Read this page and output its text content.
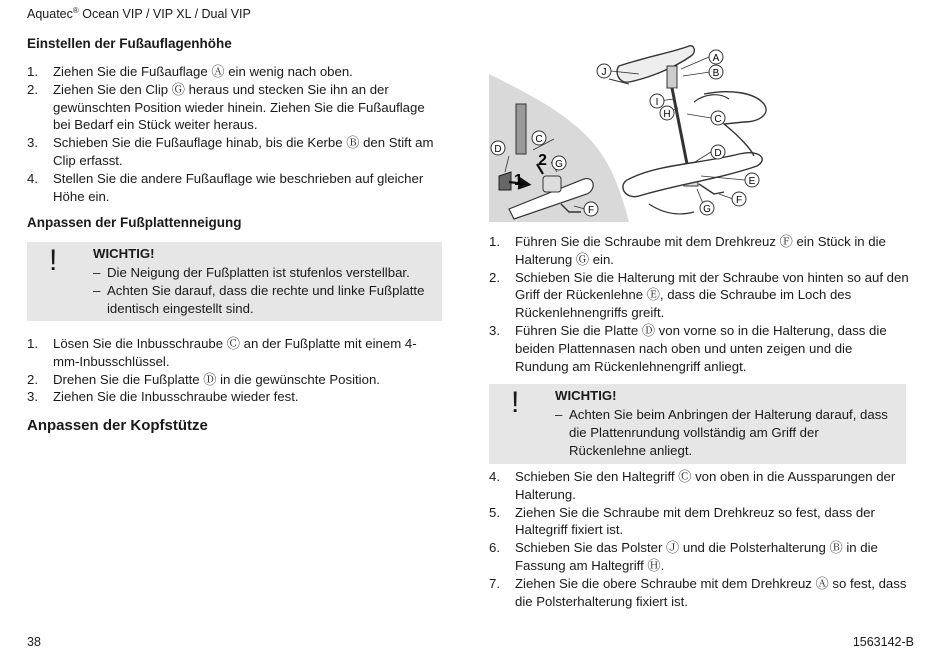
Aquatec® Ocean VIP / VIP XL / Dual VIP
Einstellen der Fußauflagenhöhe
1. Ziehen Sie die Fußauflage Ⓐ ein wenig nach oben.
2. Ziehen Sie den Clip Ⓖ heraus und stecken Sie ihn an der gewünschten Position wieder hinein. Ziehen Sie die Fußauflage bei Bedarf ein Stück weiter heraus.
3. Schieben Sie die Fußauflage hinab, bis die Kerbe Ⓑ den Stift am Clip erfasst.
4. Stellen Sie die andere Fußauflage wie beschrieben auf gleicher Höhe ein.
Anpassen der Fußplattenneigung
!	WICHTIG!
– Die Neigung der Fußplatten ist stufenlos verstellbar.
– Achten Sie darauf, dass die rechte und linke Fußplatte identisch eingestellt sind.
1. Lösen Sie die Inbusschraube Ⓒ an der Fußplatte mit einem 4-mm-Inbusschlüssel.
2. Drehen Sie die Fußplatte Ⓓ in die gewünschte Position.
3. Ziehen Sie die Inbusschraube wieder fest.
Anpassen der Kopfstütze
1
2
J
A
B
I
H	C
D
E
F
G
C
D
G
F
1. Führen Sie die Schraube mit dem Drehkreuz Ⓕ ein Stück in die Halterung Ⓖ ein.
2. Schieben Sie die Halterung mit der Schraube von hinten so auf den Griff der Rückenlehne Ⓔ, dass die Schraube im Loch des Rückenlehnengriffs greift.
3. Führen Sie die Platte Ⓓ von vorne so in die Halterung, dass die beiden Plattennasen nach oben und unten zeigen und die Rundung am Rückenlehnengriff anliegt.
!	WICHTIG!
– Achten Sie beim Anbringen der Halterung darauf, dass die Plattenrundung vollständig am Griff der Rückenlehne anliegt.
4. Schieben Sie den Haltegriff Ⓒ von oben in die Aussparungen der Halterung.
5. Ziehen Sie die Schraube mit dem Drehkreuz so fest, dass der Haltegriff fixiert ist.
6. Schieben Sie das Polster Ⓙ und die Polsterhalterung Ⓑ in die Fassung am Haltegriff Ⓗ.
7. Ziehen Sie die obere Schraube mit dem Drehkreuz Ⓐ so fest, dass die Polsterhalterung fixiert ist.
38	1563142-B
